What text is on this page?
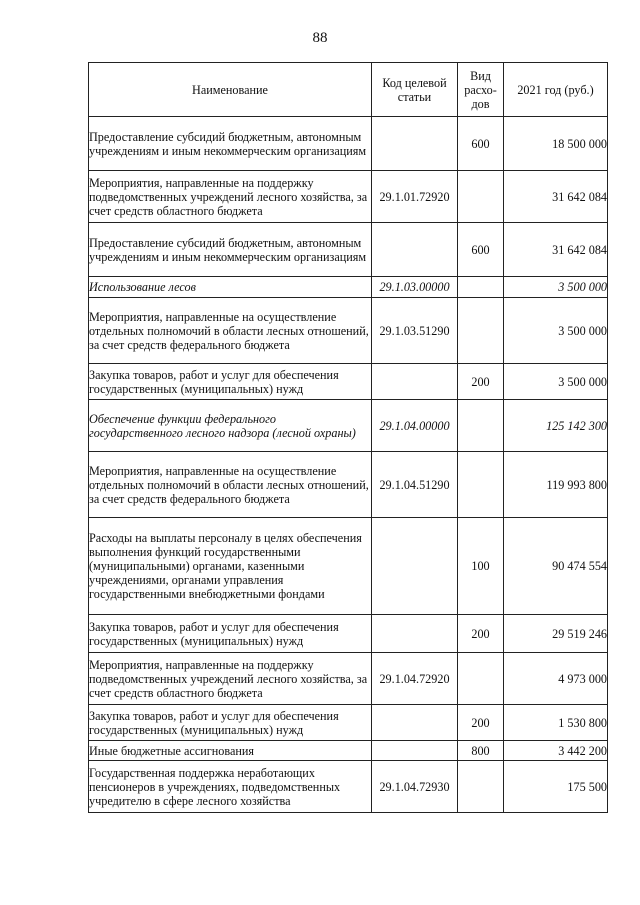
88
Наименование	Код целевой статьи	Вид расхо-дов	2021 год (руб.)
Предоставление субсидий бюджетным, автономным учреждениям и иным некоммерческим организациям		600	18 500 000
Мероприятия, направленные на поддержку подведомственных учреждений лесного хозяйства, за счет средств областного бюджета	29.1.01.72920		31 642 084
Предоставление субсидий бюджетным, автономным учреждениям и иным некоммерческим организациям		600	31 642 084
Использование лесов	29.1.03.00000		3 500 000
Мероприятия, направленные на осуществление отдельных полномочий в области лесных отношений, за счет средств федерального бюджета	29.1.03.51290		3 500 000
Закупка товаров, работ и услуг для обеспечения государственных (муниципальных) нужд		200	3 500 000
Обеспечение функции федерального государственного лесного надзора (лесной охраны)	29.1.04.00000		125 142 300
Мероприятия, направленные на осуществление отдельных полномочий в области лесных отношений, за счет средств федерального бюджета	29.1.04.51290		119 993 800
Расходы на выплаты персоналу в целях обеспечения выполнения функций государственными (муниципальными) органами, казенными учреждениями, органами управления государственными внебюджетными фондами		100	90 474 554
Закупка товаров, работ и услуг для обеспечения государственных (муниципальных) нужд		200	29 519 246
Мероприятия, направленные на поддержку подведомственных учреждений лесного хозяйства, за счет средств областного бюджета	29.1.04.72920		4 973 000
Закупка товаров, работ и услуг для обеспечения государственных (муниципальных) нужд		200	1 530 800
Иные бюджетные ассигнования		800	3 442 200
Государственная поддержка неработающих пенсионеров в учреждениях, подведомственных учредителю в сфере лесного хозяйства	29.1.04.72930		175 500
